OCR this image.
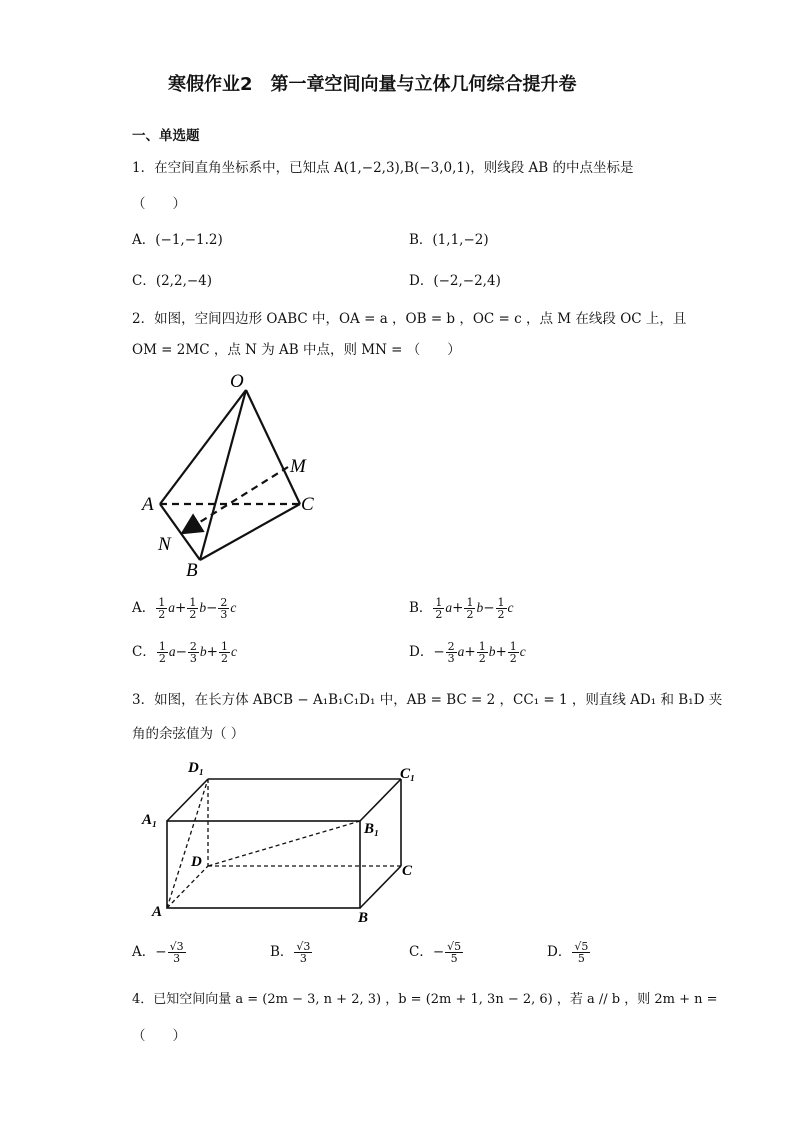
寒假作业2　第一章空间向量与立体几何综合提升卷
一、单选题
1．在空间直角坐标系中，已知点 A(1,−2,3),B(−3,0,1)，则线段 AB 的中点坐标是
（　　）
A．(−1,−1.2)	B．(1,1,−2)
C．(2,2,−4)	D．(−2,−2,4)
2．如图，空间四边形 OABC 中，OA = a ，OB = b ，OC = c ，点 M 在线段 OC 上，且
OM = 2MC ，点 N 为 AB 中点，则 MN = （　　）
O
M
A	C
N
B
A． $\frac{1}{2} a+ \frac{1}{2} b- \frac{2}{3}$ c	B． $\frac{1}{2} a+ \frac{1}{2} b- \frac{1}{2}$ c
C． $\frac{1}{2} a- \frac{2}{3} b+ \frac{1}{2}$ c	D．− $\frac{2}{3} a+ \frac{1}{2} b+ \frac{1}{2}$ c
3．如图，在长方体 ABCB − A₁B₁C₁D₁ 中，AB = BC = 2 ，CC₁ = 1 ，则直线 AD₁ 和 B₁D 夹
角的余弦值为（ ）
D₁	C₁
A₁
B₁
D
C
A	B
A．− $\frac{√3}{3}$	B． $\frac{√3}{3}$	C．− $\frac{√5}{5}$	D． $\frac{√5}{5}$
4．已知空间向量 a = (2m − 3, n + 2, 3) ，b = (2m + 1, 3n − 2, 6) ，若 a // b ，则 2m + n =
（　　）
